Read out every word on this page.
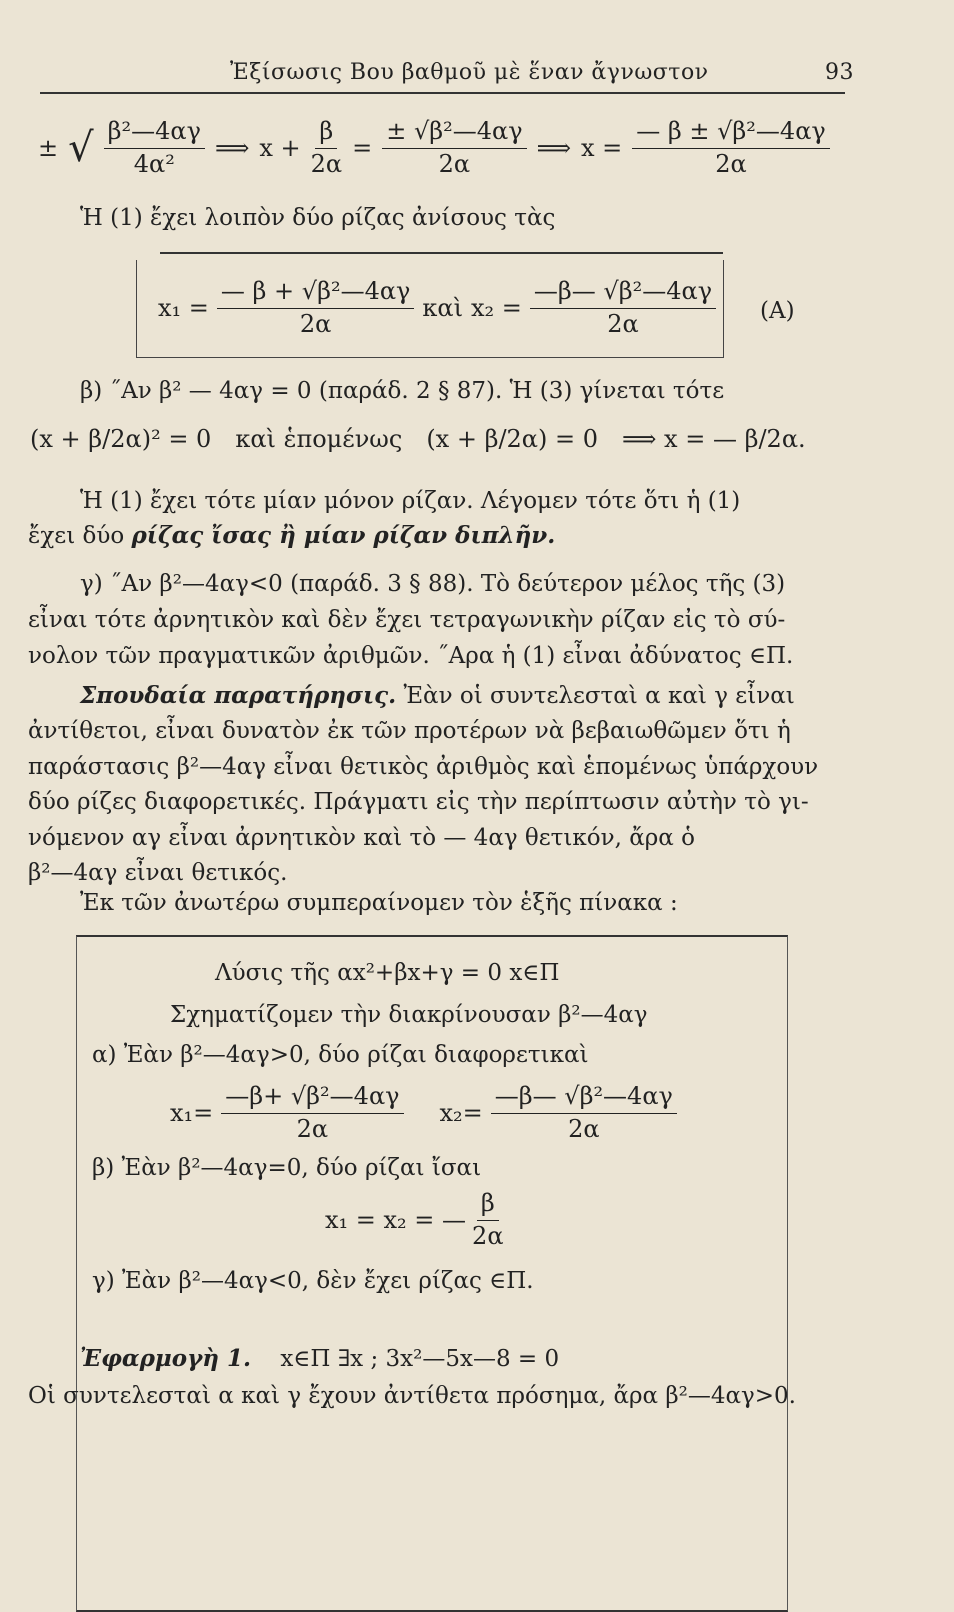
Ἐξίσωσις Βου βαθμοῦ μὲ ἕναν ἄγνωστον	93
± √ $\frac{\text{β²—4αγ}}{\text{4α²}}$ ⟹ $x + \frac{\beta}{2\alpha} = \frac{\text{± √β²—4αγ}}{2\alpha}$ ⟹ $x = \frac{\text{— β ± √β²—4αγ}}{2\alpha}$
Ἡ (1) ἔχει λοιπὸν δύο ρίζας ἀνίσους τὰς
$x_1 = \frac{\text{— β + √β²—4αγ}}{2\alpha}$ καὶ $x_2 = \frac{\text{—β— √β²—4αγ}}{2\alpha} (A)$
β) ˝Αν β² — 4αγ = 0 (παράδ. 2 § 87). Ἡ (3) γίνεται τότε
(x + β/2α)² = 0 καὶ ἑπομένως (x + β/2α) = 0 ⟹ x = — β/2α.
Ἡ (1) ἔχει τότε μίαν μόνον ρίζαν. Λέγομεν τότε ὅτι ἡ (1)
ἔχει δύο ρίζας ἴσας ἢ μίαν ρίζαν διπλῆν.
γ) ˝Αν β²—4αγ<0 (παράδ. 3 § 88). Τὸ δεύτερον μέλος τῆς (3)
εἶναι τότε ἀρνητικὸν καὶ δὲν ἔχει τετραγωνικὴν ρίζαν εἰς τὸ σύ-
νολον τῶν πραγματικῶν ἀριθμῶν. ˝Αρα ἡ (1) εἶναι ἀδύνατος ∈Π.
Σπουδαία παρατήρησις. Ἐὰν οἱ συντελεσταὶ α καὶ γ εἶναι
ἀντίθετοι, εἶναι δυνατὸν ἐκ τῶν προτέρων νὰ βεβαιωθῶμεν ὅτι ἡ
παράστασις β²—4αγ εἶναι θετικὸς ἀριθμὸς καὶ ἑπομένως ὑπάρχουν
δύο ρίζες διαφορετικές. Πράγματι εἰς τὴν περίπτωσιν αὐτὴν τὸ γι-
νόμενον αγ εἶναι ἀρνητικὸν καὶ τὸ — 4αγ θετικόν, ἄρα ὁ
β²—4αγ εἶναι θετικός.
Ἐκ τῶν ἀνωτέρω συμπεραίνομεν τὸν ἑξῆς πίνακα :
Λύσις τῆς αx²+βx+γ = 0 x∈Π
Σχηματίζομεν τὴν διακρίνουσαν β²—4αγ
α) Ἐὰν β²—4αγ>0, δύο ρίζαι διαφορετικαὶ
$x_1= \frac{\text{—β+ √β²—4αγ}}{2\alpha} x_2= \frac{\text{—β— √β²—4αγ}}{2\alpha}$
β) Ἐὰν β²—4αγ=0, δύο ρίζαι ἴσαι
x₁ = x₂ = — $\frac{\beta}{2\alpha}$
γ) Ἐὰν β²—4αγ<0, δὲν ἔχει ρίζας ∈Π.
Ἐφαρμογὴ 1. x∈Π ∃x ; 3x²—5x—8 = 0
Οἱ συντελεσταὶ α καὶ γ ἔχουν ἀντίθετα πρόσημα, ἄρα β²—4αγ>0.
